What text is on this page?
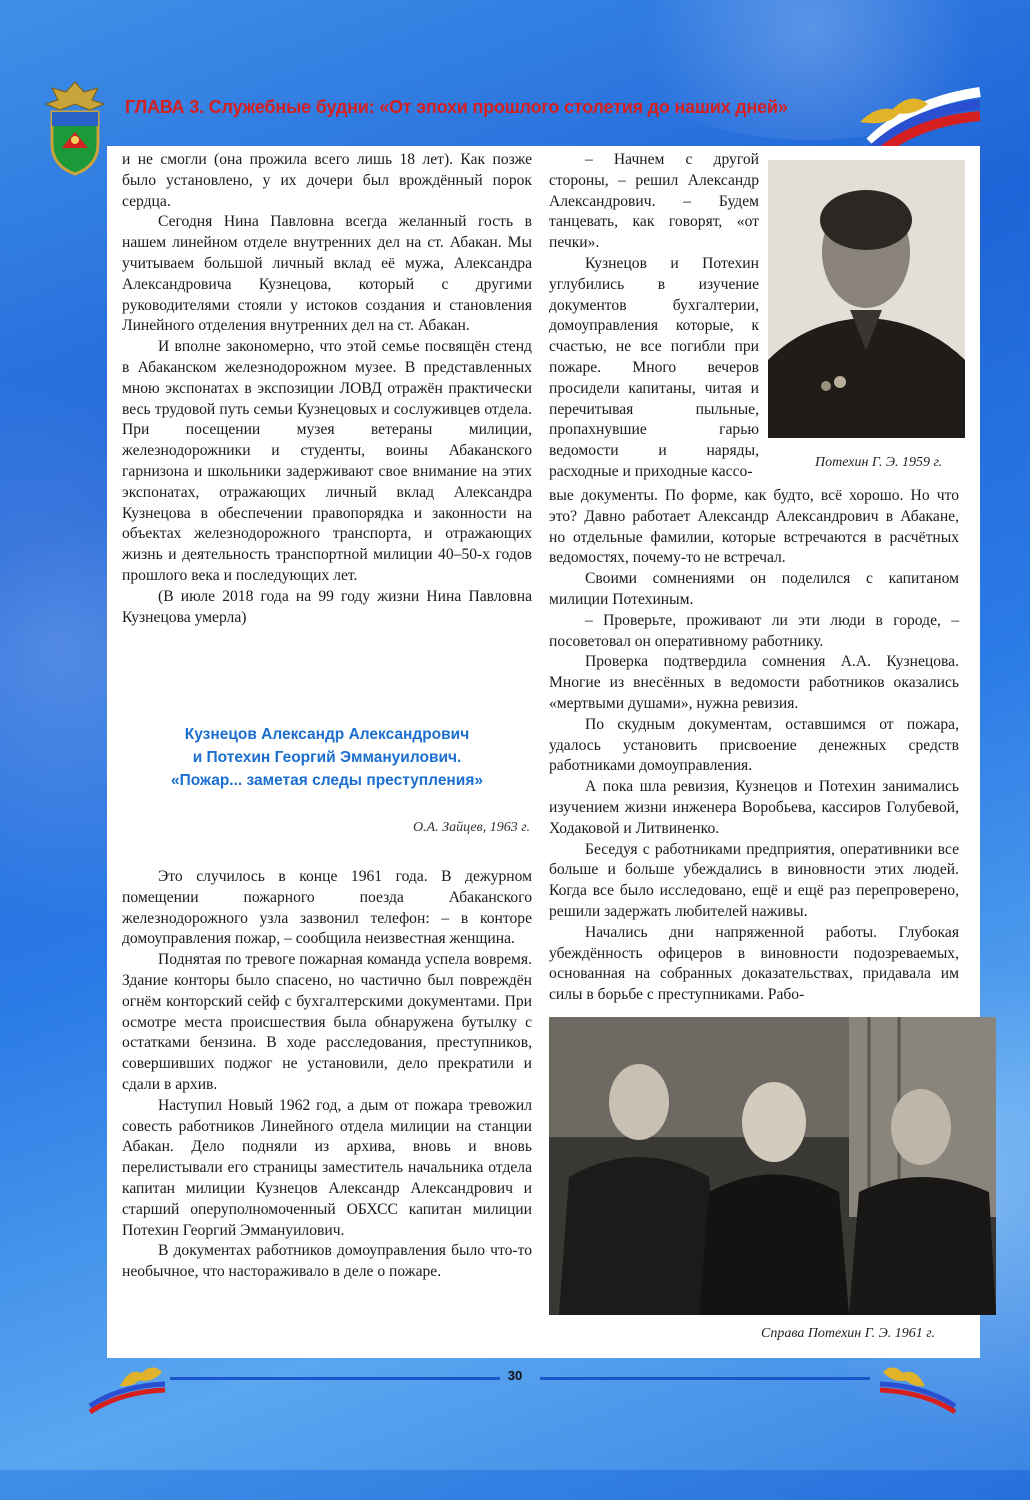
ГЛАВА 3. Служебные будни: «От эпохи прошлого столетия до наших дней»

и не смогли (она прожила всего лишь 18 лет). Как позже было установлено, у их дочери был врождённый порок сердца.

Сегодня Нина Павловна всегда желанный гость в нашем линейном отделе внутренних дел на ст. Абакан. Мы учитываем большой личный вклад её мужа, Александра Александровича Кузнецова, который с другими руководителями стояли у истоков создания и становления Линейного отделения внутренних дел на ст. Абакан.

И вполне закономерно, что этой семье посвящён стенд в Абаканском железнодорожном музее. В представленных мною экспонатах в экспозиции ЛОВД отражён практически весь трудовой путь семьи Кузнецовых и сослуживцев отдела. При посещении музея ветераны милиции, железнодорожники и студенты, воины Абаканского гарнизона и школьники задерживают свое внимание на этих экспонатах, отражающих личный вклад Александра Кузнецова в обеспечении правопорядка и законности на объектах железнодорожного транспорта, и отражающих жизнь и деятельность транспортной милиции 40–50-х годов прошлого века и последующих лет.

(В июле 2018 года на 99 году жизни Нина Павловна Кузнецова умерла)

Кузнецов Александр Александрович
и Потехин Георгий Эммануилович.
«Пожар... заметая следы преступления»
О.А. Зайцев, 1963 г.

Это случилось в конце 1961 года. В дежурном помещении пожарного поезда Абаканского железнодорожного узла зазвонил телефон: – в конторе домоуправления пожар, – сообщила неизвестная женщина.

Поднятая по тревоге пожарная команда успела вовремя. Здание конторы было спасено, но частично был повреждён огнём конторский сейф с бухгалтерскими документами. При осмотре места происшествия была обнаружена бутылку с остатками бензина. В ходе расследования, преступников, совершивших поджог не установили, дело прекратили и сдали в архив.

Наступил Новый 1962 год, а дым от пожара тревожил совесть работников Линейного отдела милиции на станции Абакан. Дело подняли из архива, вновь и вновь перелистывали его страницы заместитель начальника отдела капитан милиции Кузнецов Александр Александрович и старший оперуполномоченный ОБХСС капитан милиции Потехин Георгий Эммануилович.

В документах работников домоуправления было что-то необычное, что настораживало в деле о пожаре.

– Начнем с другой стороны, – решил Александр Александрович. – Будем танцевать, как говорят, «от печки».

Кузнецов и Потехин углубились в изучение документов бухгалтерии, домоуправления которые, к счастью, не все погибли при пожаре. Много вечеров просидели капитаны, читая и перечитывая пыльные, пропахнувшие гарью ведомости и наряды, расходные и приходные кассо-

Потехин Г. Э. 1959 г.

вые документы. По форме, как будто, всё хорошо. Но что это? Давно работает Александр Александрович в Абакане, но отдельные фамилии, которые встречаются в расчётных ведомостях, почему-то не встречал.

Своими сомнениями он поделился с капитаном милиции Потехиным.

– Проверьте, проживают ли эти люди в городе, – посоветовал он оперативному работнику.

Проверка подтвердила сомнения А.А. Кузнецова. Многие из внесённых в ведомости работников оказались «мертвыми душами», нужна ревизия.

По скудным документам, оставшимся от пожара, удалось установить присвоение денежных средств работниками домоуправления.

А пока шла ревизия, Кузнецов и Потехин занимались изучением жизни инженера Воробьева, кассиров Голубевой, Ходаковой и Литвиненко.

Беседуя с работниками предприятия, оперативники все больше и больше убеждались в виновности этих людей. Когда все было исследовано, ещё и ещё раз перепроверено, решили задержать любителей наживы.

Начались дни напряженной работы. Глубокая убеждённость офицеров в виновности подозреваемых, основанная на собранных доказательствах, придавала им силы в борьбе с преступниками. Рабо-

Справа Потехин Г. Э. 1961 г.
30
